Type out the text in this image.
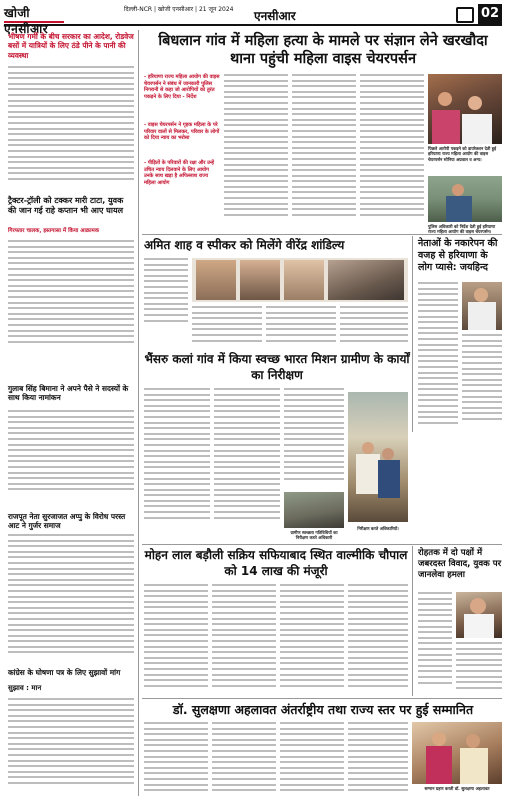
खोजी एनसीआर
दिल्ली-NCR | खोजी एनसीआर | 21 जून 2024	एनसीआर	02
भीषण गर्मी के बीच सरकार का आदेश, रोडवेज बसों में यात्रियों के लिए ठंडे पीने के पानी की व्यवस्था
ट्रैक्टर-ट्रॉली को टक्कर मारी टाटा, युवक की जान गई राहे कप्तान भी आए घायल
गिरफ्तार चालक, इस्तगासा में किया आक्रामक
गुलाब सिंह बिमाना ने अपने पैसे ने सदस्यों के साथ किया नामांकन
राजपूत नेता सुरजाजत अप्पु के विरोध परस्त आट ने गुर्जर समाज
कांग्रेस के घोषणा पत्र के लिए सुझावों मांग
सुझाव : मान
बिधलान गांव में महिला हत्या के मामले पर संज्ञान लेने खरखौदा थाना पहुंची महिला वाइस चेयरपर्सन
- हरियाणा राज्य महिला आयोग की वाइस चेयरपर्सन ने संबंध में जानकारी पुलिस निगरानी से कहा जो आरोपियों को तुरंत पकड़ने के लिए दिया - निर्देश
- वाइस चेयरपर्सन ने गृहक महिला के परे परिवार वालों से मिलकर, परिवार के लोगों को दिया न्याय का भरोसा
- पीड़ितों के परिवारों की रक्षा और उन्हें उचित न्याय दिलवाने के लिए आयोग उनके साथ खड़ा है अपिल्लाश राज्य महिला आयोग
पिछले आरोपी पकड़ने को डायरेक्शन देती हुई हरियाणा राज्य महिला आयोग की वाइस चेयरपर्सन सोनिया अग्रवाल व अन्य।
पुलिस अधिकारी को निर्देश देती हुई हरियाणा राज्य महिला आयोग की वाइस चेयरपर्सन।
अमित शाह व स्पीकर को मिलेंगे वीरेंद्र शांडिल्य	नेताओं के नकारेपन की वजह से हरियाणा के लोग प्यासे: जयहिन्द
भैंसरु कलां गांव में किया स्वच्छ भारत मिशन ग्रामीण के कार्यों का निरीक्षण
ग्रामीण स्वच्छता गतिविधियों का निरीक्षण करते अधिकारी
निरीक्षण करते अधिकारियों।
मोहन लाल बड़ौली सक्रिय सफियाबाद स्थित वाल्मीकि चौपाल को 14 लाख की मंजूरी
रोहतक में दो पक्षों में जबरदस्त विवाद, युवक पर जानलेवा हमला
डॉ. सुलक्षणा अहलावत अंतर्राष्ट्रीय तथा राज्य स्तर पर हुई सम्मानित
सम्मान ग्रहण करती डॉ. सुलक्षणा अहलावत
